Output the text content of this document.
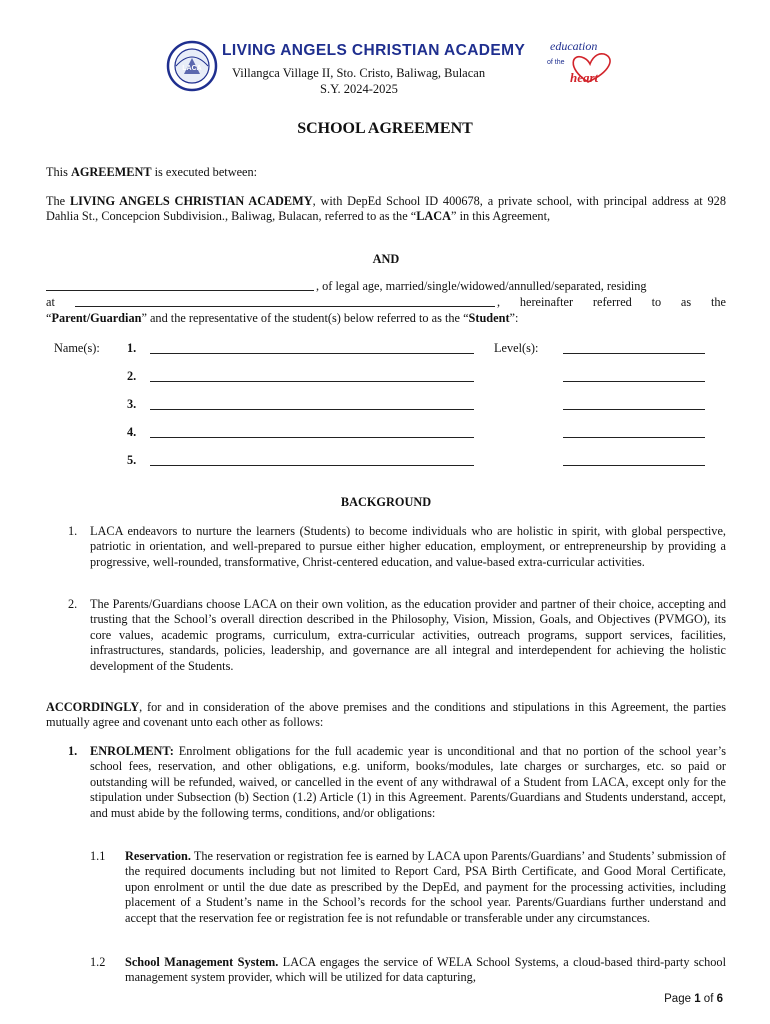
LACA
LIVING ANGELS CHRISTIAN ACADEMY
Villangca Village II, Sto. Cristo, Baliwag, Bulacan
S.Y. 2024-2025
education
of the
heart
SCHOOL AGREEMENT
This AGREEMENT is executed between:
The LIVING ANGELS CHRISTIAN ACADEMY, with DepEd School ID 400678, a private school, with principal address at 928 Dahlia St., Concepcion Subdivision., Baliwag, Bulacan, referred to as the “LACA” in this Agreement,
AND
, of legal age, married/single/widowed/annulled/separated, residing
at	, hereinafter referred to as the
“Parent/Guardian” and the representative of the student(s) below referred to as the “Student”:
Name(s):	Level(s):
1.
2.
3.
4.
5.
BACKGROUND
1. LACA endeavors to nurture the learners (Students) to become individuals who are holistic in spirit, with global perspective, patriotic in orientation, and well-prepared to pursue either higher education, employment, or entrepreneurship by providing a progressive, well-rounded, transformative, Christ-centered education, and value-based extra-curricular activities.
2. The Parents/Guardians choose LACA on their own volition, as the education provider and partner of their choice, accepting and trusting that the School’s overall direction described in the Philosophy, Vision, Mission, Goals, and Objectives (PVMGO), its core values, academic programs, curriculum, extra-curricular activities, outreach programs, support services, facilities, infrastructures, standards, policies, leadership, and governance are all integral and interdependent for achieving the holistic development of the Students.
ACCORDINGLY, for and in consideration of the above premises and the conditions and stipulations in this Agreement, the parties mutually agree and covenant unto each other as follows:
1. ENROLMENT: Enrolment obligations for the full academic year is unconditional and that no portion of the school year’s school fees, reservation, and other obligations, e.g. uniform, books/modules, late charges or surcharges, etc. so paid or outstanding will be refunded, waived, or cancelled in the event of any withdrawal of a Student from LACA, except only for the stipulation under Subsection (b) Section (1.2) Article (1) in this Agreement. Parents/Guardians and Students understand, accept, and must abide by the following terms, conditions, and/or obligations:
1.1 Reservation. The reservation or registration fee is earned by LACA upon Parents/Guardians’ and Students’ submission of the required documents including but not limited to Report Card, PSA Birth Certificate, and Good Moral Certificate, upon enrolment or until the due date as prescribed by the DepEd, and payment for the processing activities, including placement of a Student’s name in the School’s records for the school year. Parents/Guardians further understand and accept that the reservation fee or registration fee is not refundable or transferable under any circumstances.
1.2 School Management System. LACA engages the service of WELA School Systems, a cloud-based third-party school management system provider, which will be utilized for data capturing,
Page 1 of 6
